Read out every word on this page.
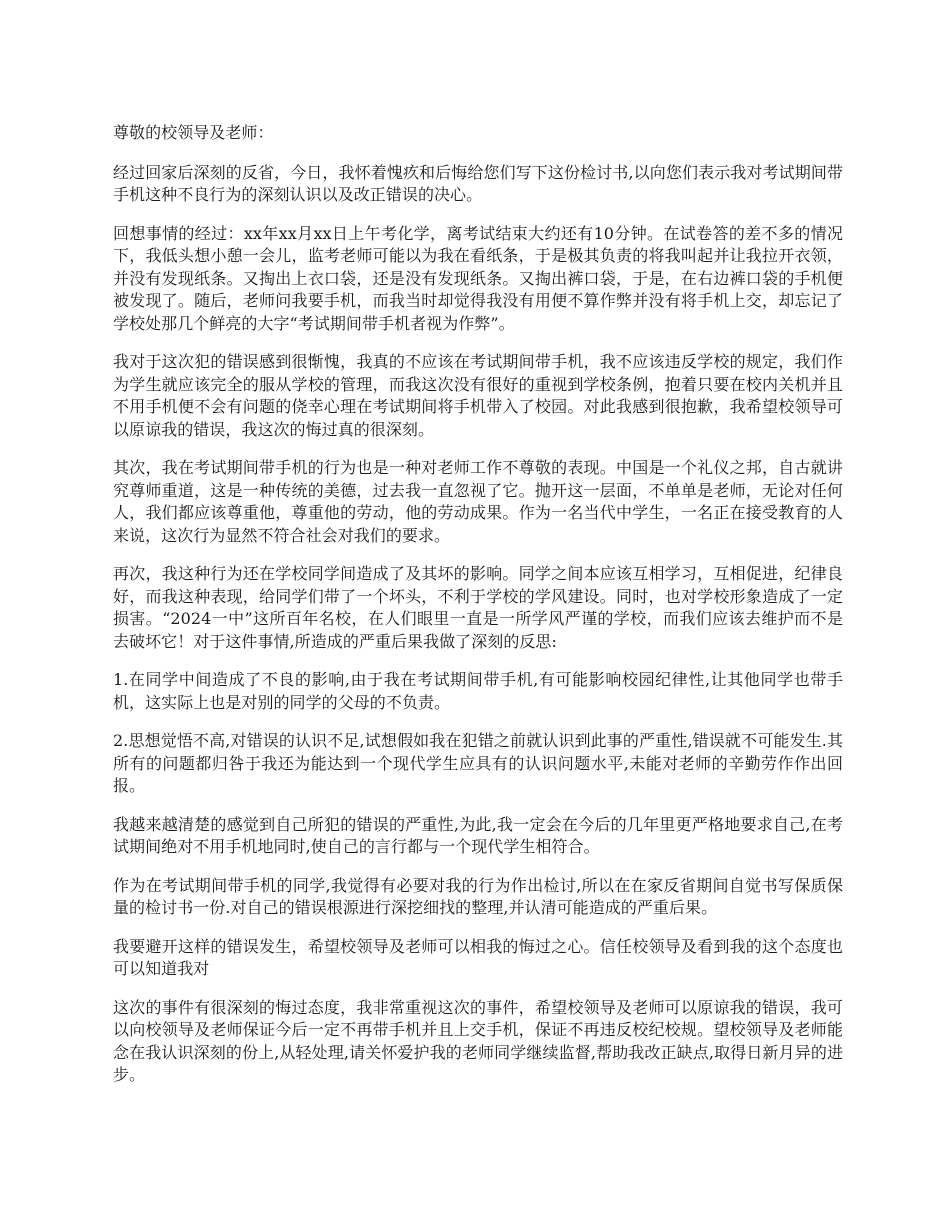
尊敬的校领导及老师：

经过回家后深刻的反省，今日，我怀着愧疚和后悔给您们写下这份检讨书,以向您们表示我对考试期间带手机这种不良行为的深刻认识以及改正错误的决心。

回想事情的经过：xx年xx月xx日上午考化学，离考试结束大约还有10分钟。在试卷答的差不多的情况下，我低头想小憩一会儿，监考老师可能以为我在看纸条，于是极其负责的将我叫起并让我拉开衣领，并没有发现纸条。又掏出上衣口袋，还是没有发现纸条。又掏出裤口袋，于是，在右边裤口袋的手机便被发现了。随后，老师问我要手机，而我当时却觉得我没有用便不算作弊并没有将手机上交，却忘记了学校处那几个鲜亮的大字“考试期间带手机者视为作弊”。

我对于这次犯的错误感到很惭愧，我真的不应该在考试期间带手机，我不应该违反学校的规定，我们作为学生就应该完全的服从学校的管理，而我这次没有很好的重视到学校条例，抱着只要在校内关机并且不用手机便不会有问题的侥幸心理在考试期间将手机带入了校园。对此我感到很抱歉，我希望校领导可以原谅我的错误，我这次的悔过真的很深刻。

其次，我在考试期间带手机的行为也是一种对老师工作不尊敬的表现。中国是一个礼仪之邦，自古就讲究尊师重道，这是一种传统的美德，过去我一直忽视了它。抛开这一层面，不单单是老师，无论对任何人，我们都应该尊重他，尊重他的劳动，他的劳动成果。作为一名当代中学生，一名正在接受教育的人来说，这次行为显然不符合社会对我们的要求。

再次，我这种行为还在学校同学间造成了及其坏的影响。同学之间本应该互相学习，互相促进，纪律良好，而我这种表现，给同学们带了一个坏头，不利于学校的学风建设。同时，也对学校形象造成了一定损害。“2024一中”这所百年名校，在人们眼里一直是一所学风严谨的学校，而我们应该去维护而不是去破坏它！对于这件事情,所造成的严重后果我做了深刻的反思:

1.在同学中间造成了不良的影响,由于我在考试期间带手机,有可能影响校园纪律性,让其他同学也带手机，这实际上也是对别的同学的父母的不负责。

2.思想觉悟不高,对错误的认识不足,试想假如我在犯错之前就认识到此事的严重性,错误就不可能发生.其所有的问题都归咎于我还为能达到一个现代学生应具有的认识问题水平,未能对老师的辛勤劳作作出回报。

我越来越清楚的感觉到自己所犯的错误的严重性,为此,我一定会在今后的几年里更严格地要求自己,在考试期间绝对不用手机地同时,使自己的言行都与一个现代学生相符合。

作为在考试期间带手机的同学,我觉得有必要对我的行为作出检讨,所以在在家反省期间自觉书写保质保量的检讨书一份.对自己的错误根源进行深挖细找的整理,并认清可能造成的严重后果。

我要避开这样的错误发生，希望校领导及老师可以相我的悔过之心。信任校领导及看到我的这个态度也可以知道我对

这次的事件有很深刻的悔过态度，我非常重视这次的事件，希望校领导及老师可以原谅我的错误，我可以向校领导及老师保证今后一定不再带手机并且上交手机，保证不再违反校纪校规。望校领导及老师能念在我认识深刻的份上,从轻处理,请关怀爱护我的老师同学继续监督,帮助我改正缺点,取得日新月异的进步。
